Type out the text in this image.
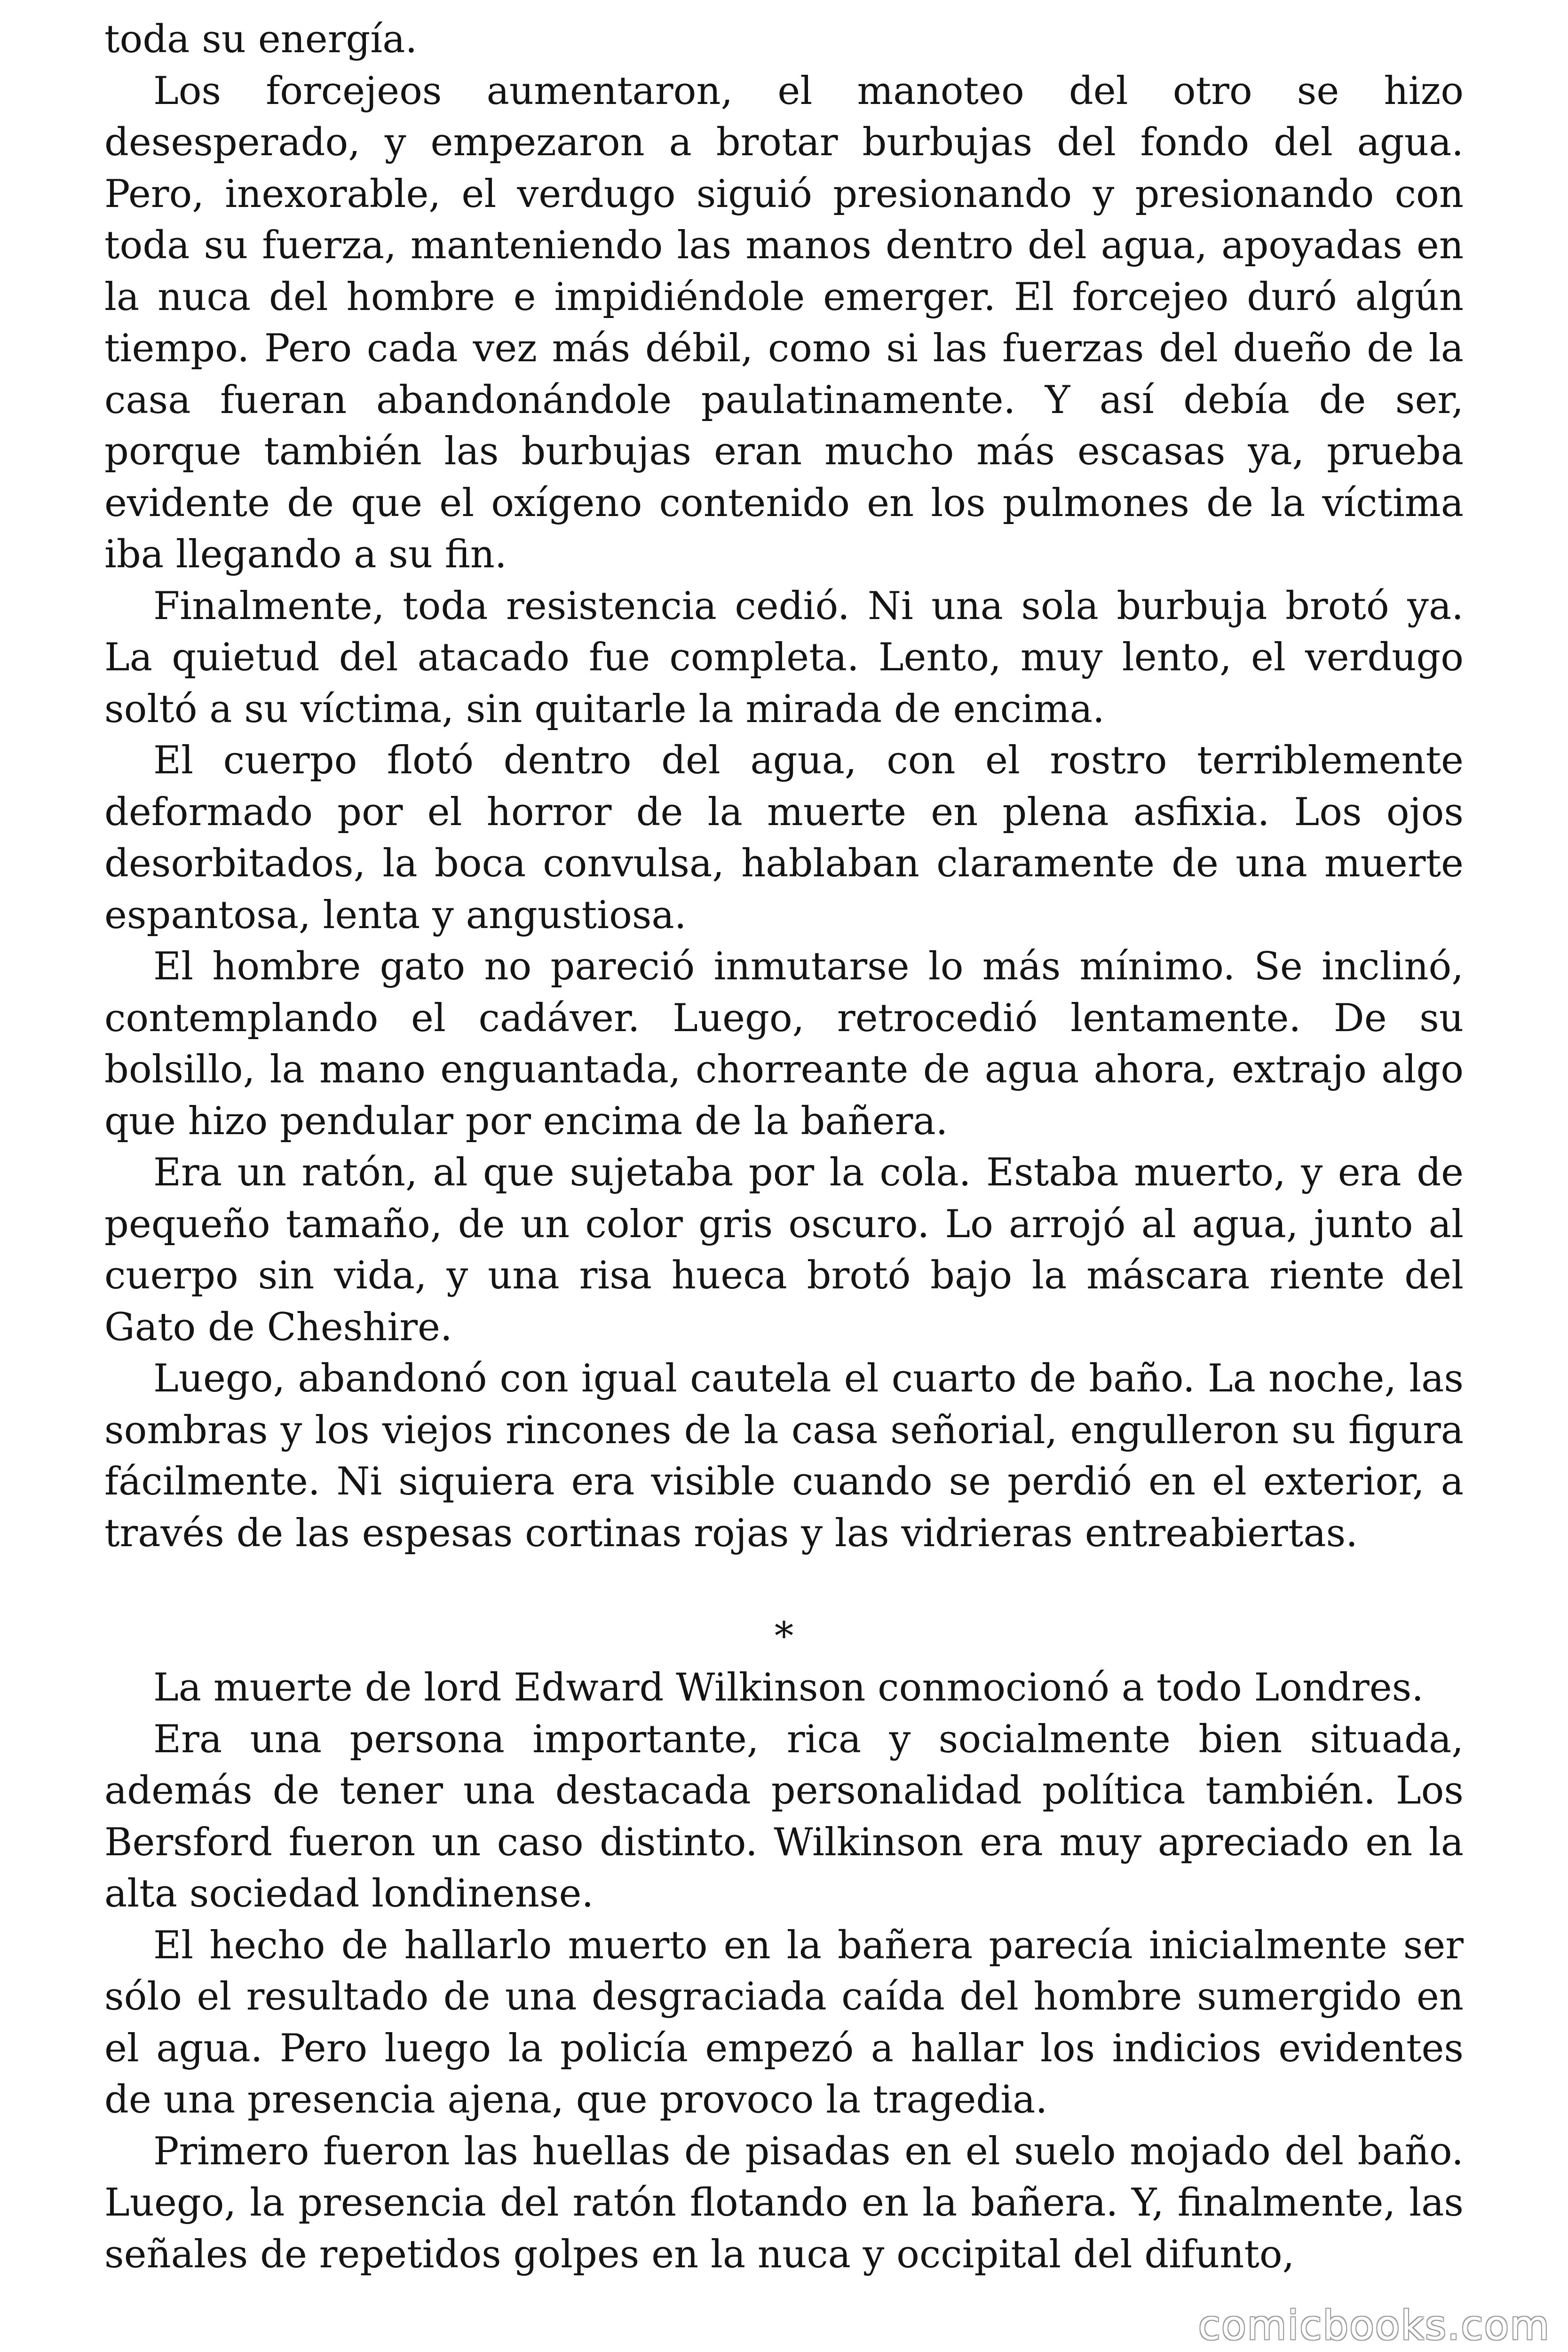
toda su energía.

Los forcejeos aumentaron, el manoteo del otro se hizo desesperado, y empezaron a brotar burbujas del fondo del agua. Pero, inexorable, el verdugo siguió presionando y presionando con toda su fuerza, manteniendo las manos dentro del agua, apoyadas en la nuca del hombre e impidiéndole emerger. El forcejeo duró algún tiempo. Pero cada vez más débil, como si las fuerzas del dueño de la casa fueran abandonándole paulatinamente. Y así debía de ser, porque también las burbujas eran mucho más escasas ya, prueba evidente de que el oxígeno contenido en los pulmones de la víctima iba llegando a su fin.

Finalmente, toda resistencia cedió. Ni una sola burbuja brotó ya. La quietud del atacado fue completa. Lento, muy lento, el verdugo soltó a su víctima, sin quitarle la mirada de encima.

El cuerpo flotó dentro del agua, con el rostro terriblemente deformado por el horror de la muerte en plena asfixia. Los ojos desorbitados, la boca convulsa, hablaban claramente de una muerte espantosa, lenta y angustiosa.

El hombre gato no pareció inmutarse lo más mínimo. Se inclinó, contemplando el cadáver. Luego, retrocedió lentamente. De su bolsillo, la mano enguantada, chorreante de agua ahora, extrajo algo que hizo pendular por encima de la bañera.

Era un ratón, al que sujetaba por la cola. Estaba muerto, y era de pequeño tamaño, de un color gris oscuro. Lo arrojó al agua, junto al cuerpo sin vida, y una risa hueca brotó bajo la máscara riente del Gato de Cheshire.

Luego, abandonó con igual cautela el cuarto de baño. La noche, las sombras y los viejos rincones de la casa señorial, engulleron su figura fácilmente. Ni siquiera era visible cuando se perdió en el exterior, a través de las espesas cortinas rojas y las vidrieras entreabiertas.

*

La muerte de lord Edward Wilkinson conmocionó a todo Londres.

Era una persona importante, rica y socialmente bien situada, además de tener una destacada personalidad política también. Los Bersford fueron un caso distinto. Wilkinson era muy apreciado en la alta sociedad londinense.

El hecho de hallarlo muerto en la bañera parecía inicialmente ser sólo el resultado de una desgraciada caída del hombre sumergido en el agua. Pero luego la policía empezó a hallar los indicios evidentes de una presencia ajena, que provoco la tragedia.

Primero fueron las huellas de pisadas en el suelo mojado del baño. Luego, la presencia del ratón flotando en la bañera. Y, finalmente, las señales de repetidos golpes en la nuca y occipital del difunto,

comicbooks.com
